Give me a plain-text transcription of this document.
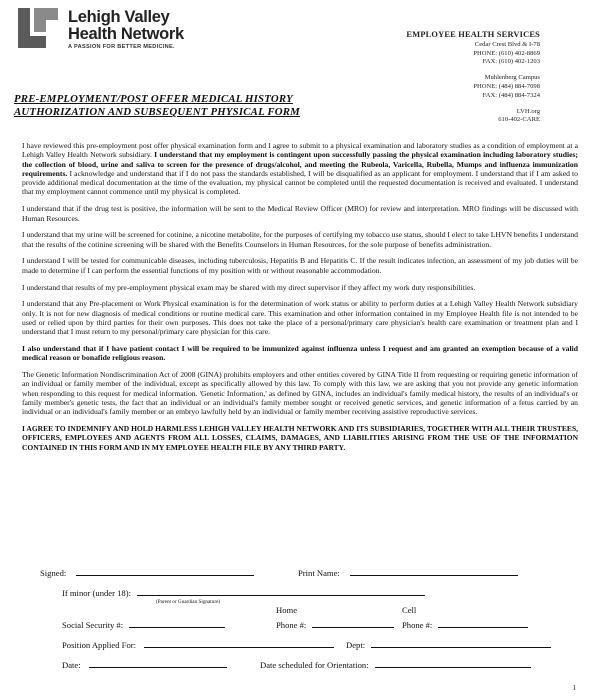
Lehigh Valley
Health Network
A PASSION FOR BETTER MEDICINE.
EMPLOYEE HEALTH SERVICES
Cedar Crest Blvd & I-78
PHONE: (610) 402-8869
FAX: (610) 402-1203
Muhlenberg Campus
PHONE: (484) 884-7098
FAX: (484) 884-7324
LVH.org
610-402-CARE
PRE-EMPLOYMENT/POST OFFER MEDICAL HISTORY
AUTHORIZATION AND SUBSEQUENT PHYSICAL FORM

I have reviewed this pre-employment post offer physical examination form and I agree to submit to a physical examination and laboratory studies as a condition of employment at a Lehigh Valley Health Network subsidiary. I understand that my employment is contingent upon successfully passing the physical examination including laboratory studies; the collection of blood, urine and saliva to screen for the presence of drugs/alcohol, and meeting the Rubeola, Varicella, Rubella, Mumps and influenza immunization requirements. I acknowledge and understand that if I do not pass the standards established, I will be disqualified as an applicant for employment. I understand that if I am asked to provide additional medical documentation at the time of the evaluation, my physical cannot be completed until the requested documentation is received and evaluated. I understand that my employment cannot commence until my physical is completed.

I understand that if the drug test is positive, the information will be sent to the Medical Review Officer (MRO) for review and interpretation. MRO findings will be discussed with Human Resources.

I understand that my urine will be screened for cotinine, a nicotine metabolite, for the purposes of certifying my tobacco use status, should I elect to take LHVN benefits I understand that the results of the cotinine screening will be shared with the Benefits Counselors in Human Resources, for the sole purpose of benefits administration.

I understand I will be tested for communicable diseases, including tuberculosis, Hepatitis B and Hepatitis C. If the result indicates infection, an assessment of my job duties will be made to determine if I can perform the essential functions of my position with or without reasonable accommodation.

I understand that results of my pre-employment physical exam may be shared with my direct supervisor if they affect my work duty responsibilities.

I understand that any Pre-placement or Work Physical examination is for the determination of work status or ability to perform duties at a Lehigh Valley Health Network subsidiary only. It is not for new diagnosis of medical conditions or routine medical care. This examination and other information contained in my Employee Health file is not intended to be used or relied upon by third parties for their own purposes. This does not take the place of a personal/primary care physician's health care examination or treatment plan and I understand that I must return to my personal/primary care physician for this care.

I also understand that if I have patient contact I will be required to be immunized against influenza unless I request and am granted an exemption because of a valid medical reason or bonafide religious reason.

The Genetic Information Nondiscrimination Act of 2008 (GINA) prohibits employers and other entities covered by GINA Title II from requesting or requiring genetic information of an individual or family member of the individual, except as specifically allowed by this law. To comply with this law, we are asking that you not provide any genetic information when responding to this request for medical information. 'Genetic Information,' as defined by GINA, includes an individual's family medical history, the results of an individual's or family member's genetic tests, the fact that an individual or an individual's family member sought or received genetic services, and genetic information of a fetus carried by an individual or an individual's family member or an embryo lawfully held by an individual or family member receiving assistive reproductive services.

I AGREE TO INDEMNIFY AND HOLD HARMLESS LEHIGH VALLEY HEALTH NETWORK AND ITS SUBSIDIARIES, TOGETHER WITH ALL THEIR TRUSTEES, OFFICERS, EMPLOYEES AND AGENTS FROM ALL LOSSES, CLAIMS, DAMAGES, AND LIABILITIES ARISING FROM THE USE OF THE INFORMATION CONTAINED IN THIS FORM AND IN MY EMPLOYEE HEALTH FILE BY ANY THIRD PARTY.

Signed:	Print Name:
If minor (under 18):
(Parent or Guardian Signature)
Home	Cell
Social Security #:	Phone #:	Phone #:
Position Applied For:	Dept:
Date:	Date scheduled for Orientation:
1
